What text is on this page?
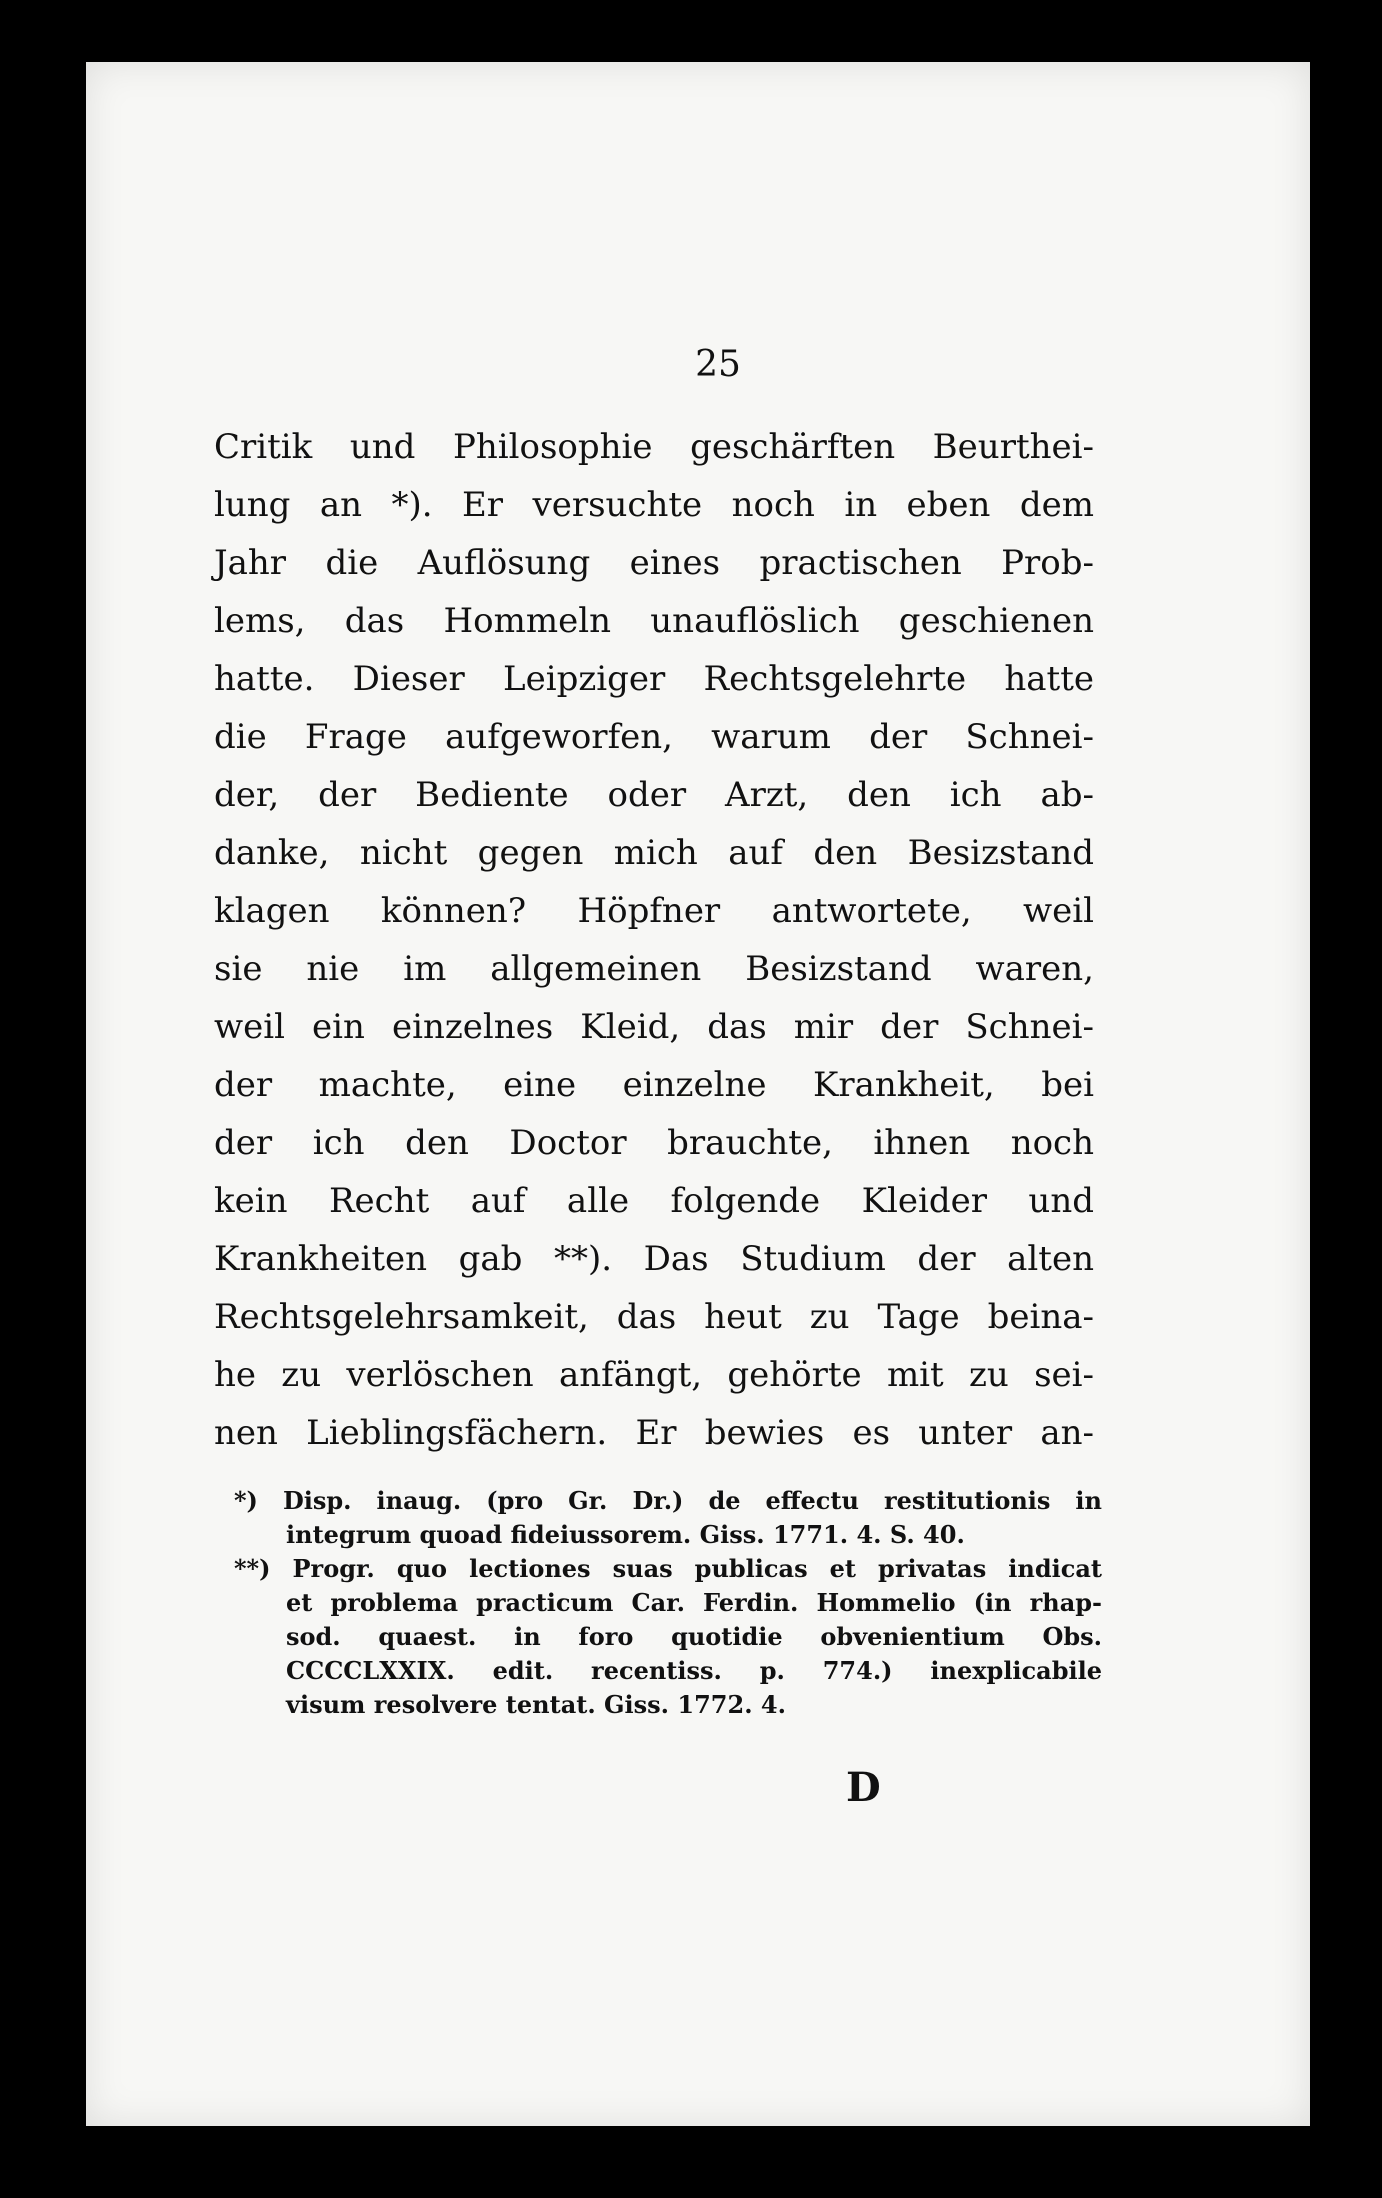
25
Critik und Philosophie geschärften Beurthei-
lung an *). Er versuchte noch in eben dem
Jahr die Auflösung eines practischen Prob-
lems, das Hommeln unauflöslich geschienen
hatte. Dieser Leipziger Rechtsgelehrte hatte
die Frage aufgeworfen, warum der Schnei-
der, der Bediente oder Arzt, den ich ab-
danke, nicht gegen mich auf den Besizstand
klagen können? Höpfner antwortete, weil
sie nie im allgemeinen Besizstand waren,
weil ein einzelnes Kleid, das mir der Schnei-
der machte, eine einzelne Krankheit, bei
der ich den Doctor brauchte, ihnen noch
kein Recht auf alle folgende Kleider und
Krankheiten gab **). Das Studium der alten
Rechtsgelehrsamkeit, das heut zu Tage beina-
he zu verlöschen anfängt, gehörte mit zu sei-
nen Lieblingsfächern. Er bewies es unter an-
*) Disp. inaug. (pro Gr. Dr.) de effectu restitutionis in
integrum quoad fideiussorem. Giss. 1771. 4. S. 40.
**) Progr. quo lectiones suas publicas et privatas indicat
et problema practicum Car. Ferdin. Hommelio (in rhap-
sod. quaest. in foro quotidie obvenientium Obs.
CCCCLXXIX. edit. recentiss. p. 774.) inexplicabile
visum resolvere tentat. Giss. 1772. 4.
D
